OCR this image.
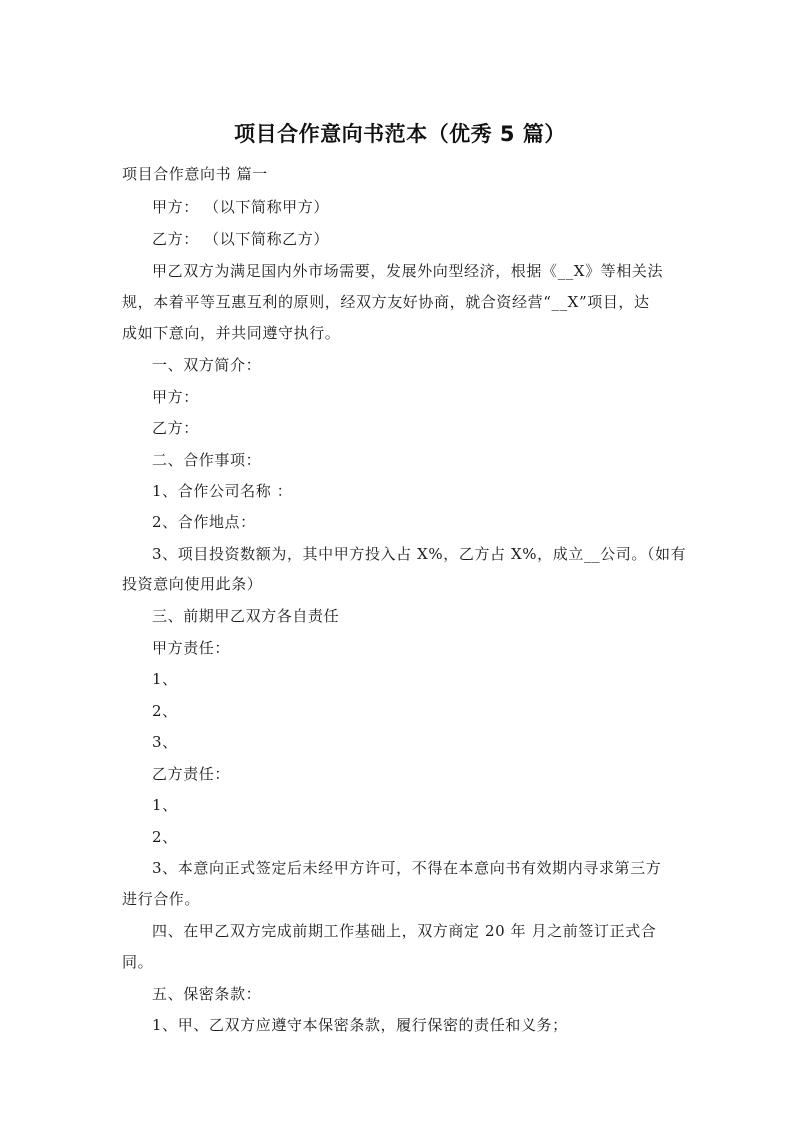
项目合作意向书范本（优秀 5 篇）
项目合作意向书 篇一
甲方： （以下简称甲方）
乙方： （以下简称乙方）
甲乙双方为满足国内外市场需要，发展外向型经济，根据《__X》等相关法
规，本着平等互惠互利的原则，经双方友好协商，就合资经营“__X”项目，达
成如下意向，并共同遵守执行。
一、双方简介：
甲方：
乙方：
二、合作事项：
1、合作公司名称 ：
2、合作地点：
3、项目投资数额为，其中甲方投入占 X%，乙方占 X%，成立__公司。（如有
投资意向使用此条）
三、前期甲乙双方各自责任
甲方责任：
1、
2、
3、
乙方责任：
1、
2、
3、本意向正式签定后未经甲方许可，不得在本意向书有效期内寻求第三方
进行合作。
四、在甲乙双方完成前期工作基础上，双方商定 20 年 月之前签订正式合
同。
五、保密条款：
1、甲、乙双方应遵守本保密条款，履行保密的责任和义务；
